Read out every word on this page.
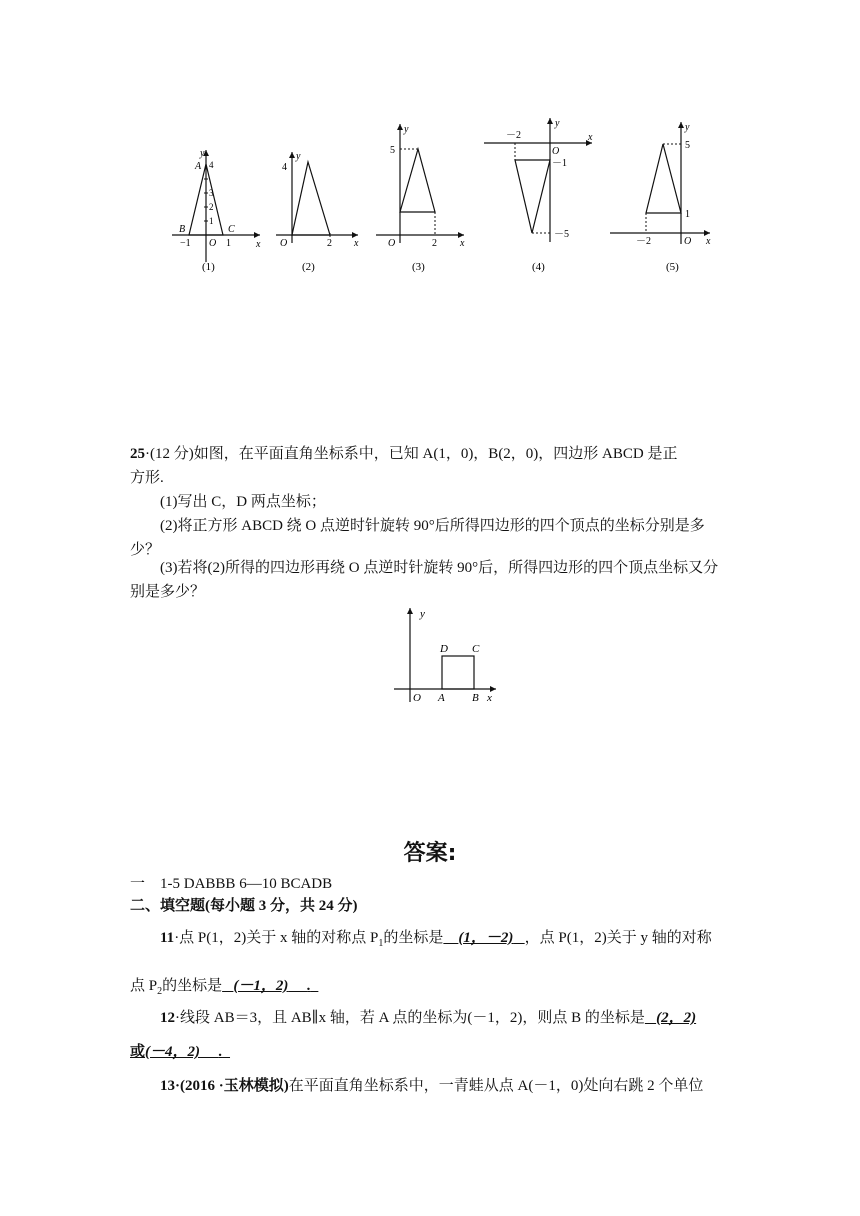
y
x
A
B	C
O
−1	1
1
2
3
4
(1)
y
x
O	2
4
(2)
y
x
O	2
5
(3)
y
x
－2
O
－1
－5
(4)
y
x
－2	O
5
1
(5)
25·(12 分)如图，在平面直角坐标系中，已知 A(1，0)，B(2，0)，四边形 ABCD 是正
方形.
(1)写出 C，D 两点坐标；
(2)将正方形 ABCD 绕 O 点逆时针旋转 90°后所得四边形的四个顶点的坐标分别是多
少？
(3)若将(2)所得的四边形再绕 O 点逆时针旋转 90°后，所得四边形的四个顶点坐标又分
别是多少？
y
x
O A B
C
D
答案:
一 1-5 DABBB 6—10 BCADB
二、填空题(每小题 3 分，共 24 分)
11·点 P(1，2)关于 x 轴的对称点 $P_1$的坐标是 (1，－2) ，点 P(1，2)关于 y 轴的对称
点 $P_2$的坐标是 (－1，2) .
12·线段 AB＝3，且 AB∥x 轴，若 A 点的坐标为(－1，2)，则点 B 的坐标是 (2，2)
或(－4，2) .
13·(2016 ·玉林模拟)在平面直角坐标系中，一青蛙从点 A(－1，0)处向右跳 2 个单位
